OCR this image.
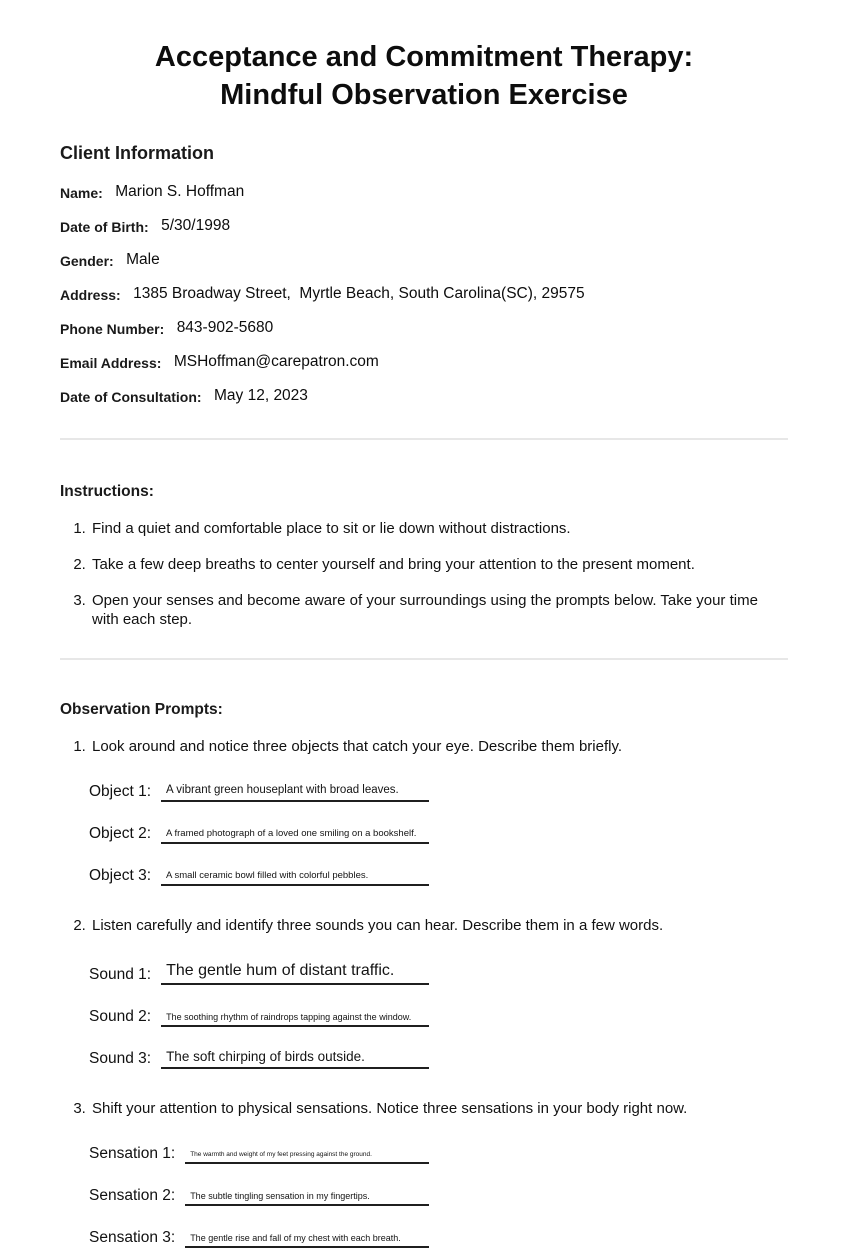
Acceptance and Commitment Therapy:
Mindful Observation Exercise
Client Information
Name: Marion S. Hoffman
Date of Birth: 5/30/1998
Gender: Male
Address: 1385 Broadway Street,  Myrtle Beach, South Carolina(SC), 29575
Phone Number: 843-902-5680
Email Address: MSHoffman@carepatron.com
Date of Consultation: May 12, 2023
Instructions:
1. Find a quiet and comfortable place to sit or lie down without distractions.
2. Take a few deep breaths to center yourself and bring your attention to the present moment.
3. Open your senses and become aware of your surroundings using the prompts below. Take your time with each step.
Observation Prompts:
1. Look around and notice three objects that catch your eye. Describe them briefly.
Object 1:	A vibrant green houseplant with broad leaves.
Object 2:	A framed photograph of a loved one smiling on a bookshelf.
Object 3:	A small ceramic bowl filled with colorful pebbles.
2. Listen carefully and identify three sounds you can hear. Describe them in a few words.
Sound 1: The gentle hum of distant traffic.
Sound 2:	The soothing rhythm of raindrops tapping against the window.
Sound 3:	The soft chirping of birds outside.
3. Shift your attention to physical sensations. Notice three sensations in your body right now.
Sensation 1:	The warmth and weight of my feet pressing against the ground.
Sensation 2:	The subtle tingling sensation in my fingertips.
Sensation 3:	The gentle rise and fall of my chest with each breath.
